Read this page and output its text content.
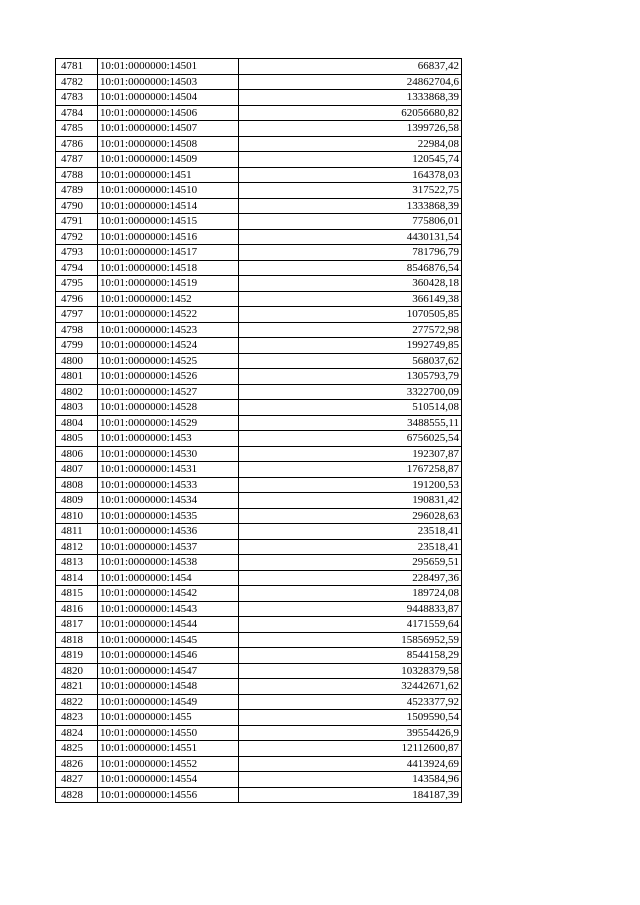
4781	10:01:0000000:14501	66837,42
4782	10:01:0000000:14503	24862704,6
4783	10:01:0000000:14504	1333868,39
4784	10:01:0000000:14506	62056680,82
4785	10:01:0000000:14507	1399726,58
4786	10:01:0000000:14508	22984,08
4787	10:01:0000000:14509	120545,74
4788	10:01:0000000:1451	164378,03
4789	10:01:0000000:14510	317522,75
4790	10:01:0000000:14514	1333868,39
4791	10:01:0000000:14515	775806,01
4792	10:01:0000000:14516	4430131,54
4793	10:01:0000000:14517	781796,79
4794	10:01:0000000:14518	8546876,54
4795	10:01:0000000:14519	360428,18
4796	10:01:0000000:1452	366149,38
4797	10:01:0000000:14522	1070505,85
4798	10:01:0000000:14523	277572,98
4799	10:01:0000000:14524	1992749,85
4800	10:01:0000000:14525	568037,62
4801	10:01:0000000:14526	1305793,79
4802	10:01:0000000:14527	3322700,09
4803	10:01:0000000:14528	510514,08
4804	10:01:0000000:14529	3488555,11
4805	10:01:0000000:1453	6756025,54
4806	10:01:0000000:14530	192307,87
4807	10:01:0000000:14531	1767258,87
4808	10:01:0000000:14533	191200,53
4809	10:01:0000000:14534	190831,42
4810	10:01:0000000:14535	296028,63
4811	10:01:0000000:14536	23518,41
4812	10:01:0000000:14537	23518,41
4813	10:01:0000000:14538	295659,51
4814	10:01:0000000:1454	228497,36
4815	10:01:0000000:14542	189724,08
4816	10:01:0000000:14543	9448833,87
4817	10:01:0000000:14544	4171559,64
4818	10:01:0000000:14545	15856952,59
4819	10:01:0000000:14546	8544158,29
4820	10:01:0000000:14547	10328379,58
4821	10:01:0000000:14548	32442671,62
4822	10:01:0000000:14549	4523377,92
4823	10:01:0000000:1455	1509590,54
4824	10:01:0000000:14550	39554426,9
4825	10:01:0000000:14551	12112600,87
4826	10:01:0000000:14552	4413924,69
4827	10:01:0000000:14554	143584,96
4828	10:01:0000000:14556	184187,39
